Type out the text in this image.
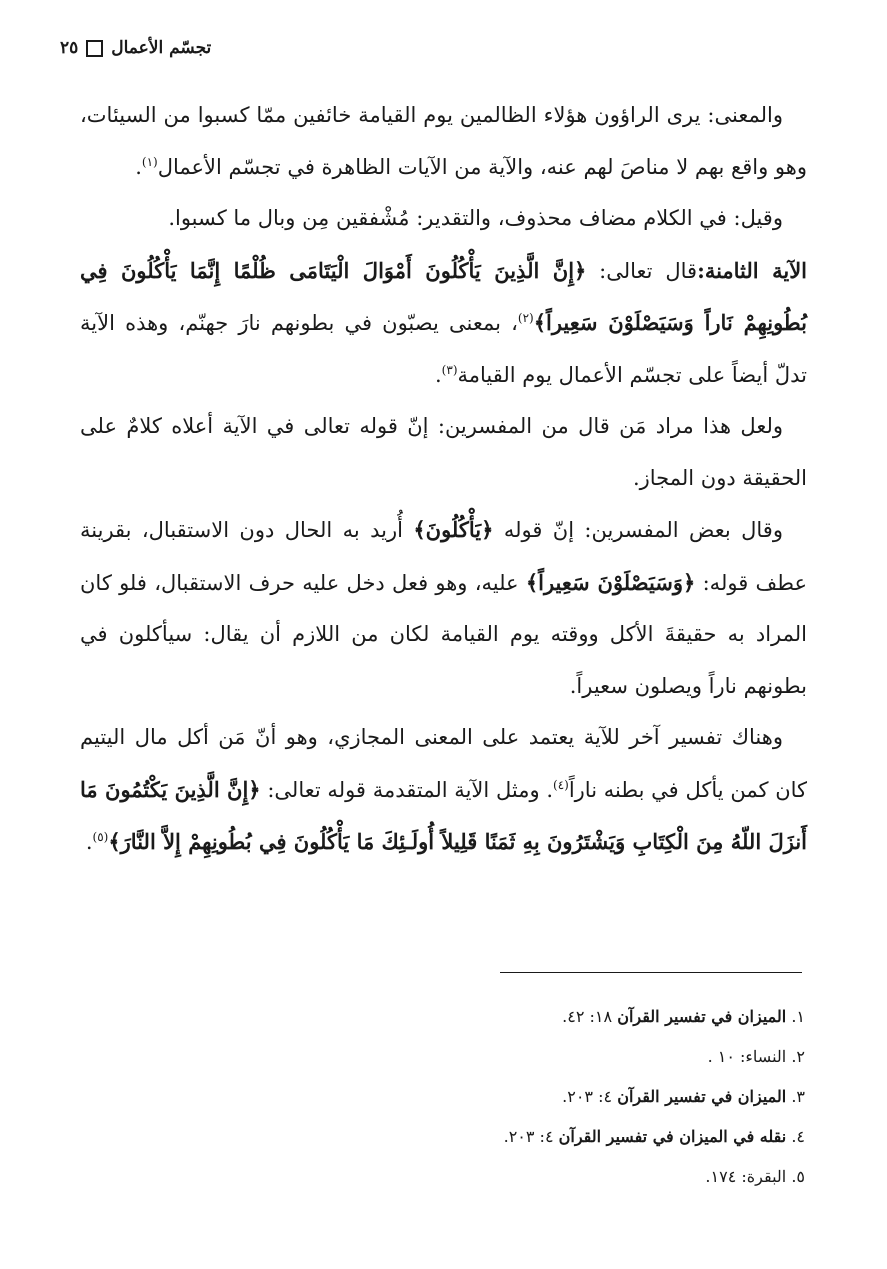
تجسّم الأعمال
٢٥

والمعنى: يرى الراؤون هؤلاء الظالمين يوم القيامة خائفين ممّا كسبوا من السيئات، وهو واقع بهم لا مناصَ لهم عنه، والآية من الآيات الظاهرة في تجسّم الأعمال$^{(١)}$.

وقيل: في الكلام مضاف محذوف، والتقدير: مُشْفقين مِن وبال ما كسبوا.

الآية الثامنة:قال تعالى: ﴿إِنَّ الَّذِينَ يَأْكُلُونَ أَمْوَالَ الْيَتَامَى ظُلْمًا إِنَّمَا يَأْكُلُونَ فِي بُطُونِهِمْ نَاراً وَسَيَصْلَوْنَ سَعِيراً﴾$^{(٢)}$، بمعنى يصبّون في بطونهم نارَ جهنّم، وهذه الآية تدلّ أيضاً على تجسّم الأعمال يوم القيامة$^{(٣)}$.

ولعل هذا مراد مَن قال من المفسرين: إنّ قوله تعالى في الآية أعلاه كلامٌ على الحقيقة دون المجاز.

وقال بعض المفسرين: إنّ قوله ﴿يَأْكُلُونَ﴾ أُريد به الحال دون الاستقبال، بقرينة عطف قوله: ﴿وَسَيَصْلَوْنَ سَعِيراً﴾ عليه، وهو فعل دخل عليه حرف الاستقبال، فلو كان المراد به حقيقةَ الأكل ووقته يوم القيامة لكان من اللازم أن يقال: سيأكلون في بطونهم ناراً ويصلون سعيراً.

وهناك تفسير آخر للآية يعتمد على المعنى المجازي، وهو أنّ مَن أكل مال اليتيم كان كمن يأكل في بطنه ناراً$^{(٤)}$. ومثل الآية المتقدمة قوله تعالى: ﴿إِنَّ الَّذِينَ يَكْتُمُونَ مَا أَنزَلَ اللّهُ مِنَ الْكِتَابِ وَيَشْتَرُونَ بِهِ ثَمَنًا قَلِيلاً أُولَـئِكَ مَا يَأْكُلُونَ فِي بُطُونِهِمْ إِلاَّ النَّارَ﴾$^{(٥)}$.

١. الميزان في تفسير القرآن ١٨: ٤٢.
٢. النساء: ١٠ .
٣. الميزان في تفسير القرآن ٤: ٢٠٣.
٤. نقله في الميزان في تفسير القرآن ٤: ٢٠٣.
٥. البقرة: ١٧٤.
